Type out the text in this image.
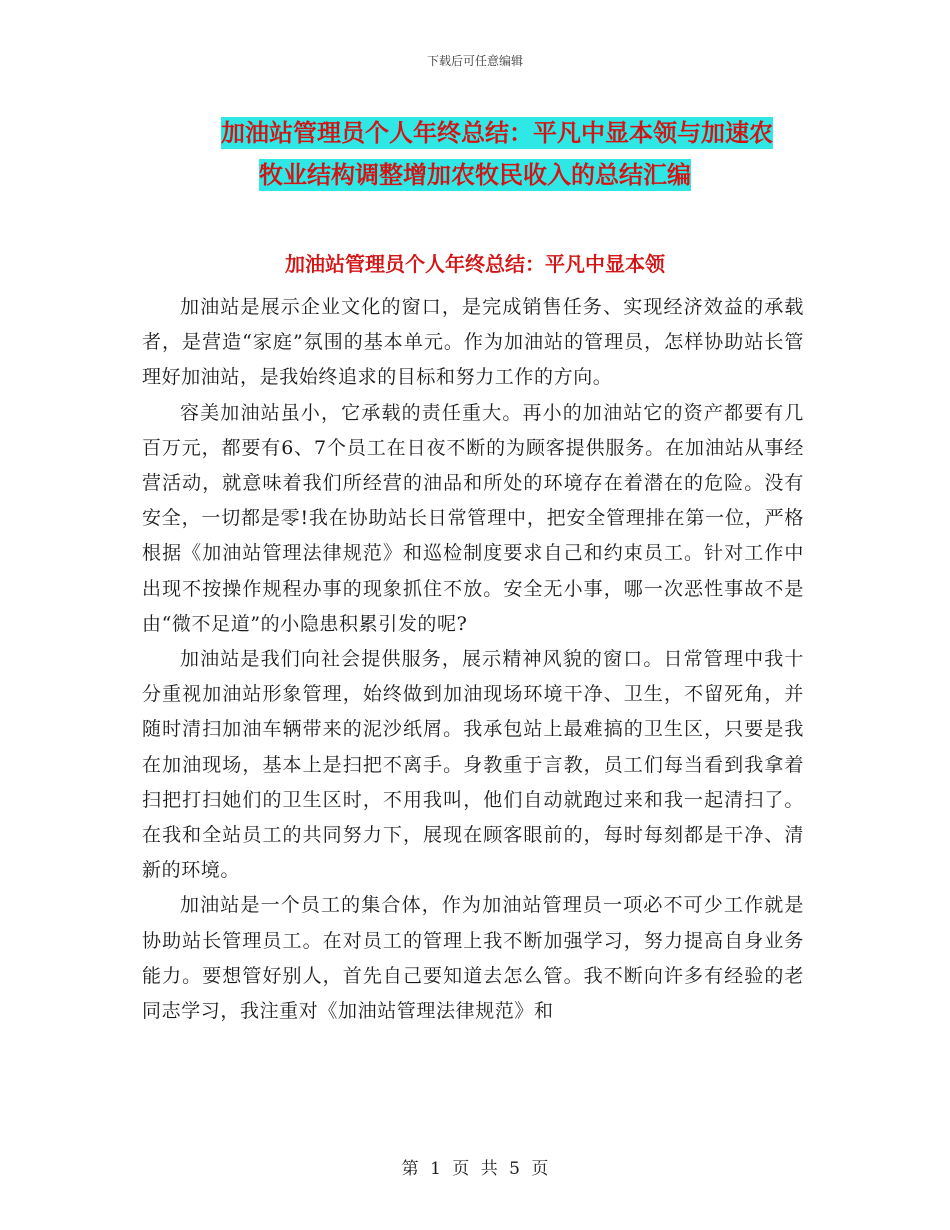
下载后可任意编辑
加油站管理员个人年终总结：平凡中显本领与加速农
牧业结构调整增加农牧民收入的总结汇编
加油站管理员个人年终总结：平凡中显本领

加油站是展示企业文化的窗口，是完成销售任务、实现经济效益的承载者，是营造“家庭”氛围的基本单元。作为加油站的管理员，怎样协助站长管理好加油站，是我始终追求的目标和努力工作的方向。

容美加油站虽小，它承载的责任重大。再小的加油站它的资产都要有几百万元，都要有6、7个员工在日夜不断的为顾客提供服务。在加油站从事经营活动，就意味着我们所经营的油品和所处的环境存在着潜在的危险。没有安全，一切都是零!我在协助站长日常管理中，把安全管理排在第一位，严格根据《加油站管理法律规范》和巡检制度要求自己和约束员工。针对工作中出现不按操作规程办事的现象抓住不放。安全无小事，哪一次恶性事故不是由“微不足道”的小隐患积累引发的呢?

加油站是我们向社会提供服务，展示精神风貌的窗口。日常管理中我十分重视加油站形象管理，始终做到加油现场环境干净、卫生，不留死角，并随时清扫加油车辆带来的泥沙纸屑。我承包站上最难搞的卫生区，只要是我在加油现场，基本上是扫把不离手。身教重于言教，员工们每当看到我拿着扫把打扫她们的卫生区时，不用我叫，他们自动就跑过来和我一起清扫了。在我和全站员工的共同努力下，展现在顾客眼前的，每时每刻都是干净、清新的环境。

加油站是一个员工的集合体，作为加油站管理员一项必不可少工作就是协助站长管理员工。在对员工的管理上我不断加强学习，努力提高自身业务能力。要想管好别人，首先自己要知道去怎么管。我不断向许多有经验的老同志学习，我注重对《加油站管理法律规范》和

第 1 页 共 5 页
